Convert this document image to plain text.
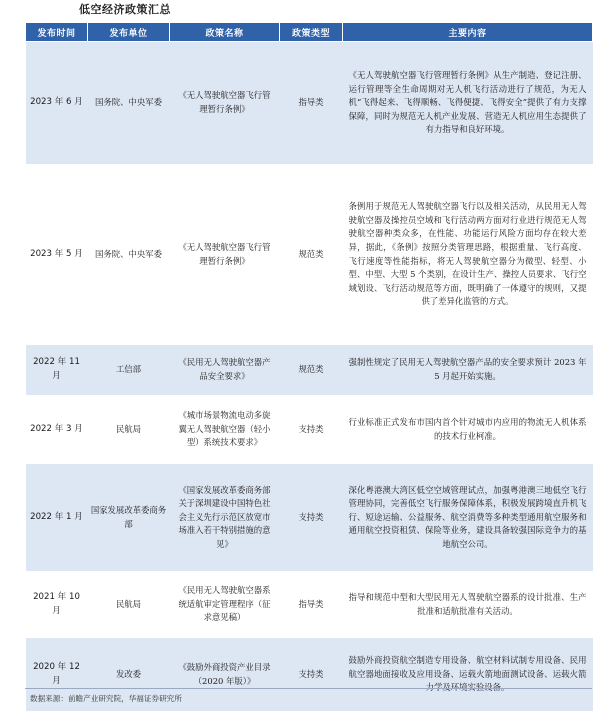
低空经济政策汇总
发布时间	发布单位	政策名称	政策类型	主要内容
2023 年 6 月	国务院、中央军委	《无人驾驶航空器飞行管理暂行条例》	指导类	《无人驾驶航空器飞行管理暂行条例》从生产制造、登记注册、运行管理等全生命周期对无人机飞行活动进行了规范，为无人机“飞得起来、飞得顺畅、飞得便捷、飞得安全”提供了有力支撑保障，同时为规范无人机产业发展、营造无人机应用生态提供了有力指导和良好环境。
2023 年 5 月	国务院、中央军委	《无人驾驶航空器飞行管理暂行条例》	规范类	条例用于规范无人驾驶航空器飞行以及相关活动，从民用无人驾驶航空器及操控员空域和飞行活动两方面对行业进行规范无人驾驶航空器种类众多，在性能、功能运行风险方面均存在较大差异，据此，《条例》按照分类管理思路，根据重量、飞行高度、飞行速度等性能指标，将无人驾驶航空器分为微型、轻型、小型、中型、大型 5 个类别，在设计生产、操控人员要求、飞行空域划设、飞行活动规范等方面，既明确了一体遵守的规则，又提供了差异化监管的方式。
2022 年 11 月	工信部	《民用无人驾驶航空器产品安全要求》	规范类	强制性规定了民用无人驾驶航空器产品的安全要求预计 2023 年 5 月起开始实施。
2022 年 3 月	民航局	《城市场景物流电动多旋翼无人驾驶航空器（轻小型）系统技术要求》	支持类	行业标准正式发布市国内首个针对城市内应用的物流无人机体系的技术行业柯准。
2022 年 1 月	国家发展改革委商务部	《国家发展改革委商务部关于深圳建设中国特色社会主义先行示范区放宽市场准入若干特别措施的意见》	支持类	深化粤港澳大湾区低空空域管理试点，加强粤港澳三地低空飞行管理协同，完善低空飞行服务保障体系，积极发展跨境直升机飞行、短途运输、公益服务、航空消费等多种类型通用航空服务和通用航空投资租赁、保险等业务，建设具备较强国际竞争力的基地航空公司。
2021 年 10 月	民航局	《民用无人驾驶航空器系统适航审定管理程序（征求意见稿）	指导类	指导和规范中型和大型民用无人驾驶航空器系的设计批准、生产批准和适航批准有关活动。
2020 年 12 月	发改委	《鼓励外商投资产业目录（2020 年版）》	支持类	鼓励外商投资航空制造专用设备、航空材料试制专用设备、民用航空器地面接收及应用设备、运载火箭地面测试设备、运载火箭
数据来源：前瞻产业研究院，华福证券研究所
